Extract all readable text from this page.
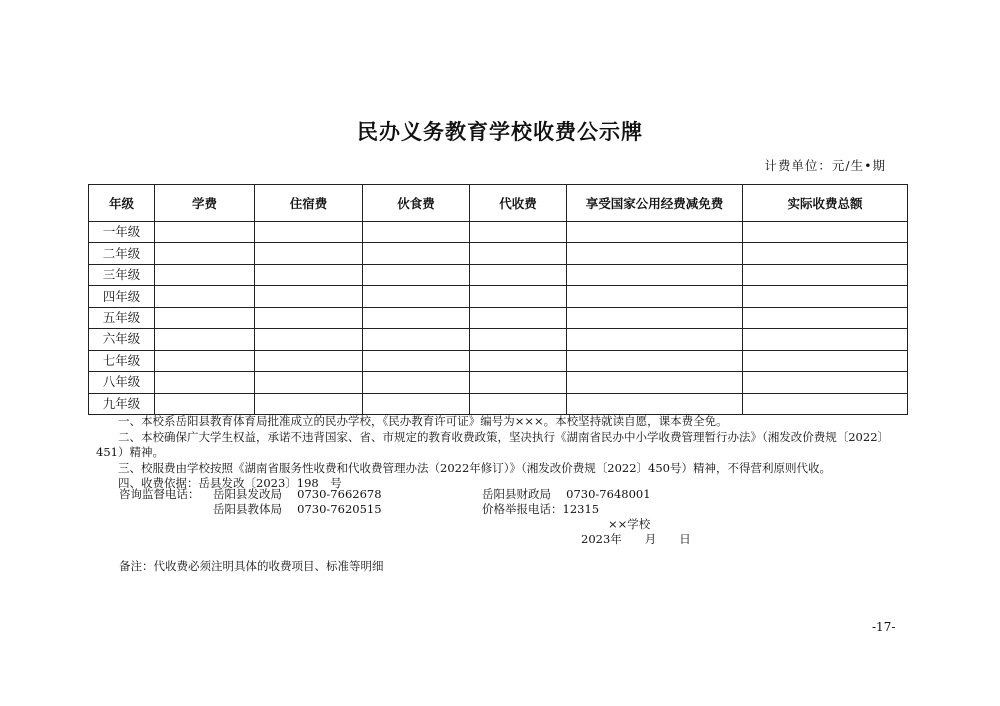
民办义务教育学校收费公示牌
计费单位：元/生•期
年级	学费	住宿费	伙食费	代收费	享受国家公用经费减免费	实际收费总额
一年级						
二年级						
三年级						
四年级						
五年级						
六年级						
七年级						
八年级						
九年级						

一、本校系岳阳县教育体育局批准成立的民办学校，《民办教育许可证》编号为×××。本校坚持就读自愿，课本费全免。

二、本校确保广大学生权益，承诺不违背国家、省、市规定的教育收费政策，坚决执行《湖南省民办中小学收费管理暂行办法》（湘发改价费规〔2022〕451）精神。

三、校服费由学校按照《湖南省服务性收费和代收费管理办法（2022年修订）》（湘发改价费规〔2022〕450号）精神，不得营利原则代收。

四、收费依据：岳县发改〔2023〕198　号

咨询监督电话： 岳阳县发改局　 0730-7662678
岳阳县教体局　 0730-7620515
岳阳县财政局　 0730-7648001
价格举报电话：12315
××学校
2023年　　月　　日
备注：代收费必须注明具体的收费项目、标准等明细
-17-
